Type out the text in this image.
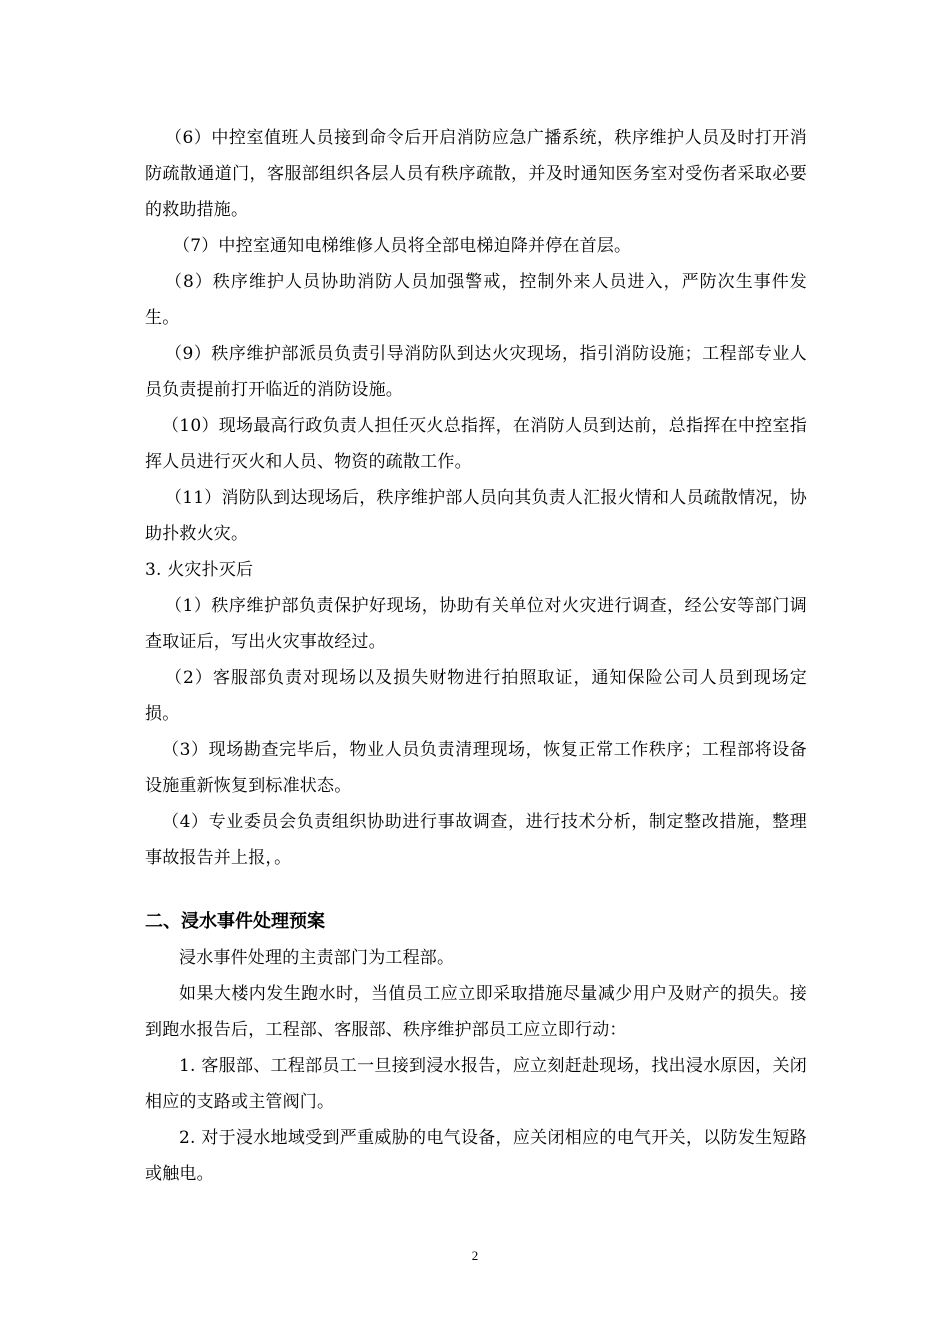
（6）中控室值班人员接到命令后开启消防应急广播系统，秩序维护人员及时打开消防疏散通道门，客服部组织各层人员有秩序疏散，并及时通知医务室对受伤者采取必要的救助措施。

（7）中控室通知电梯维修人员将全部电梯迫降并停在首层。

（8）秩序维护人员协助消防人员加强警戒，控制外来人员进入，严防次生事件发生。

（9）秩序维护部派员负责引导消防队到达火灾现场，指引消防设施；工程部专业人员负责提前打开临近的消防设施。

（10）现场最高行政负责人担任灭火总指挥，在消防人员到达前，总指挥在中控室指挥人员进行灭火和人员、物资的疏散工作。

（11）消防队到达现场后，秩序维护部人员向其负责人汇报火情和人员疏散情况，协助扑救火灾。

3. 火灾扑灭后

（1）秩序维护部负责保护好现场，协助有关单位对火灾进行调查，经公安等部门调查取证后，写出火灾事故经过。

（2）客服部负责对现场以及损失财物进行拍照取证，通知保险公司人员到现场定损。

（3）现场勘查完毕后，物业人员负责清理现场，恢复正常工作秩序；工程部将设备设施重新恢复到标准状态。

（4）专业委员会负责组织协助进行事故调查，进行技术分析，制定整改措施，整理事故报告并上报，。

二、浸水事件处理预案

浸水事件处理的主责部门为工程部。

如果大楼内发生跑水时，当值员工应立即采取措施尽量减少用户及财产的损失。接到跑水报告后，工程部、客服部、秩序维护部员工应立即行动：

1. 客服部、工程部员工一旦接到浸水报告，应立刻赶赴现场，找出浸水原因，关闭相应的支路或主管阀门。

2. 对于浸水地域受到严重威胁的电气设备，应关闭相应的电气开关，以防发生短路或触电。

2
